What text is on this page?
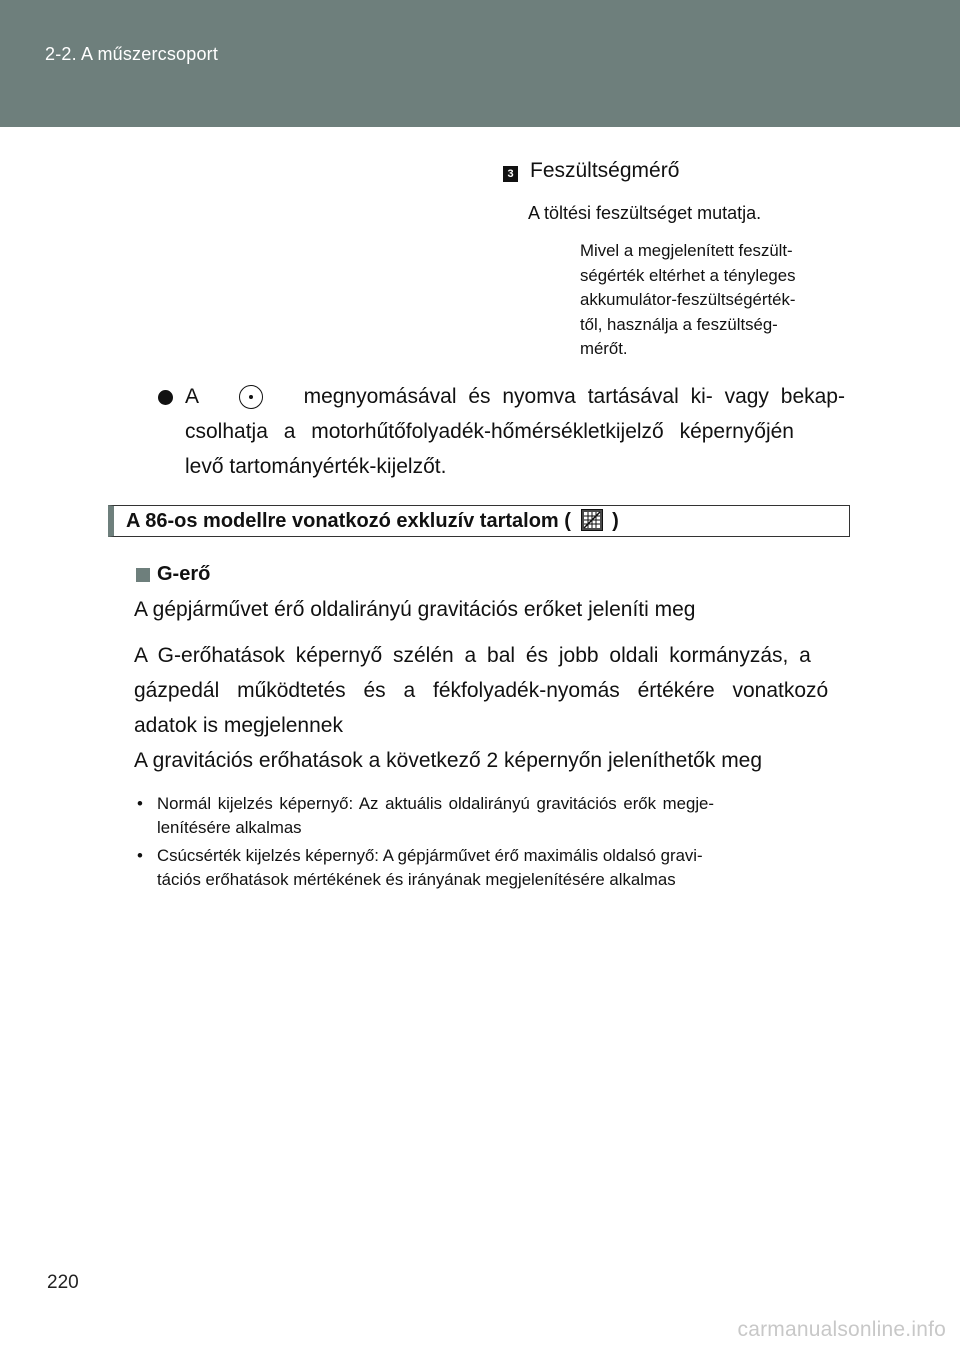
2-2. A műszercsoport
3 Feszültségmérő
A töltési feszültséget mutatja.
Mivel a megjelenített feszült-
ségérték eltérhet a tényleges
akkumulátor-feszültségérték-
től, használja a feszültség-
mérőt.
A	megnyomásával és nyomva tartásával ki- vagy bekap-
csolhatja a motorhűtőfolyadék-hőmérsékletkijelző képernyőjén
levő tartományérték-kijelzőt.
A 86-os modellre vonatkozó exkluzív tartalom ( )
G-erő
A gépjárművet érő oldalirányú gravitációs erőket jeleníti meg
A G-erőhatások képernyő szélén a bal és jobb oldali kormányzás, a
gázpedál működtetés és a fékfolyadék-nyomás értékére vonatkozó
adatok is megjelennek
A gravitációs erőhatások a következő 2 képernyőn jeleníthetők meg
• Normál kijelzés képernyő: Az aktuális oldalirányú gravitációs erők megje-
lenítésére alkalmas
• Csúcsérték kijelzés képernyő: A gépjárművet érő maximális oldalsó gravi-
tációs erőhatások mértékének és irányának megjelenítésére alkalmas
220
carmanualsonline.info
